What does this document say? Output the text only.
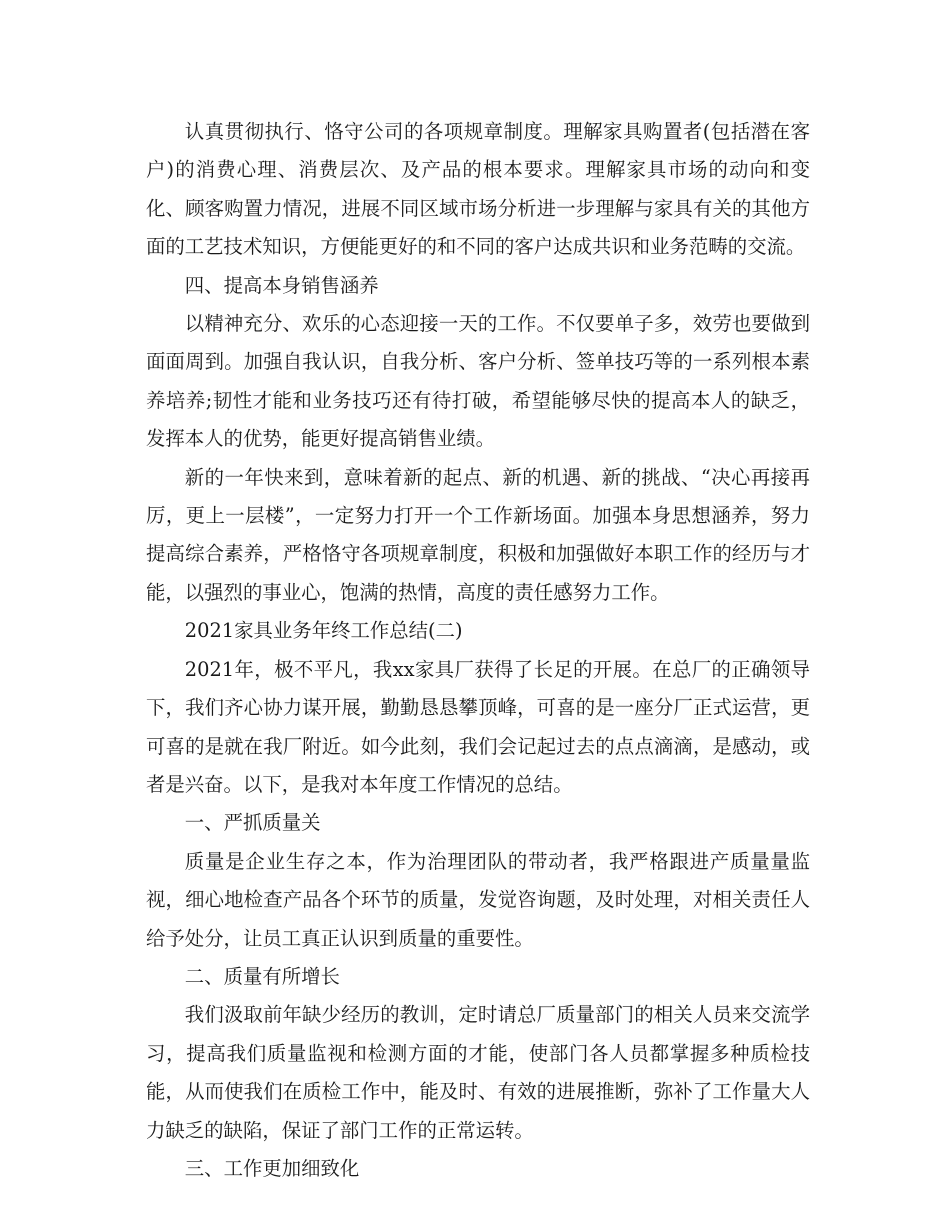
认真贯彻执行、恪守公司的各项规章制度。理解家具购置者(包括潜在客户)的消费心理、消费层次、及产品的根本要求。理解家具市场的动向和变化、顾客购置力情况，进展不同区域市场分析进一步理解与家具有关的其他方面的工艺技术知识，方便能更好的和不同的客户达成共识和业务范畴的交流。

四、提高本身销售涵养

以精神充分、欢乐的心态迎接一天的工作。不仅要单子多，效劳也要做到面面周到。加强自我认识，自我分析、客户分析、签单技巧等的一系列根本素养培养;韧性才能和业务技巧还有待打破，希望能够尽快的提高本人的缺乏，发挥本人的优势，能更好提高销售业绩。

新的一年快来到，意味着新的起点、新的机遇、新的挑战、“决心再接再厉，更上一层楼”，一定努力打开一个工作新场面。加强本身思想涵养，努力提高综合素养，严格恪守各项规章制度，积极和加强做好本职工作的经历与才能，以强烈的事业心，饱满的热情，高度的责任感努力工作。

2021家具业务年终工作总结(二)

2021年，极不平凡，我xx家具厂获得了长足的开展。在总厂的正确领导下，我们齐心协力谋开展，勤勤恳恳攀顶峰，可喜的是一座分厂正式运营，更可喜的是就在我厂附近。如今此刻，我们会记起过去的点点滴滴，是感动，或者是兴奋。以下，是我对本年度工作情况的总结。

一、严抓质量关

质量是企业生存之本，作为治理团队的带动者，我严格跟进产质量量监视，细心地检查产品各个环节的质量，发觉咨询题，及时处理，对相关责任人给予处分，让员工真正认识到质量的重要性。

二、质量有所增长

我们汲取前年缺少经历的教训，定时请总厂质量部门的相关人员来交流学习，提高我们质量监视和检测方面的才能，使部门各人员都掌握多种质检技能，从而使我们在质检工作中，能及时、有效的进展推断，弥补了工作量大人力缺乏的缺陷，保证了部门工作的正常运转。

三、工作更加细致化
